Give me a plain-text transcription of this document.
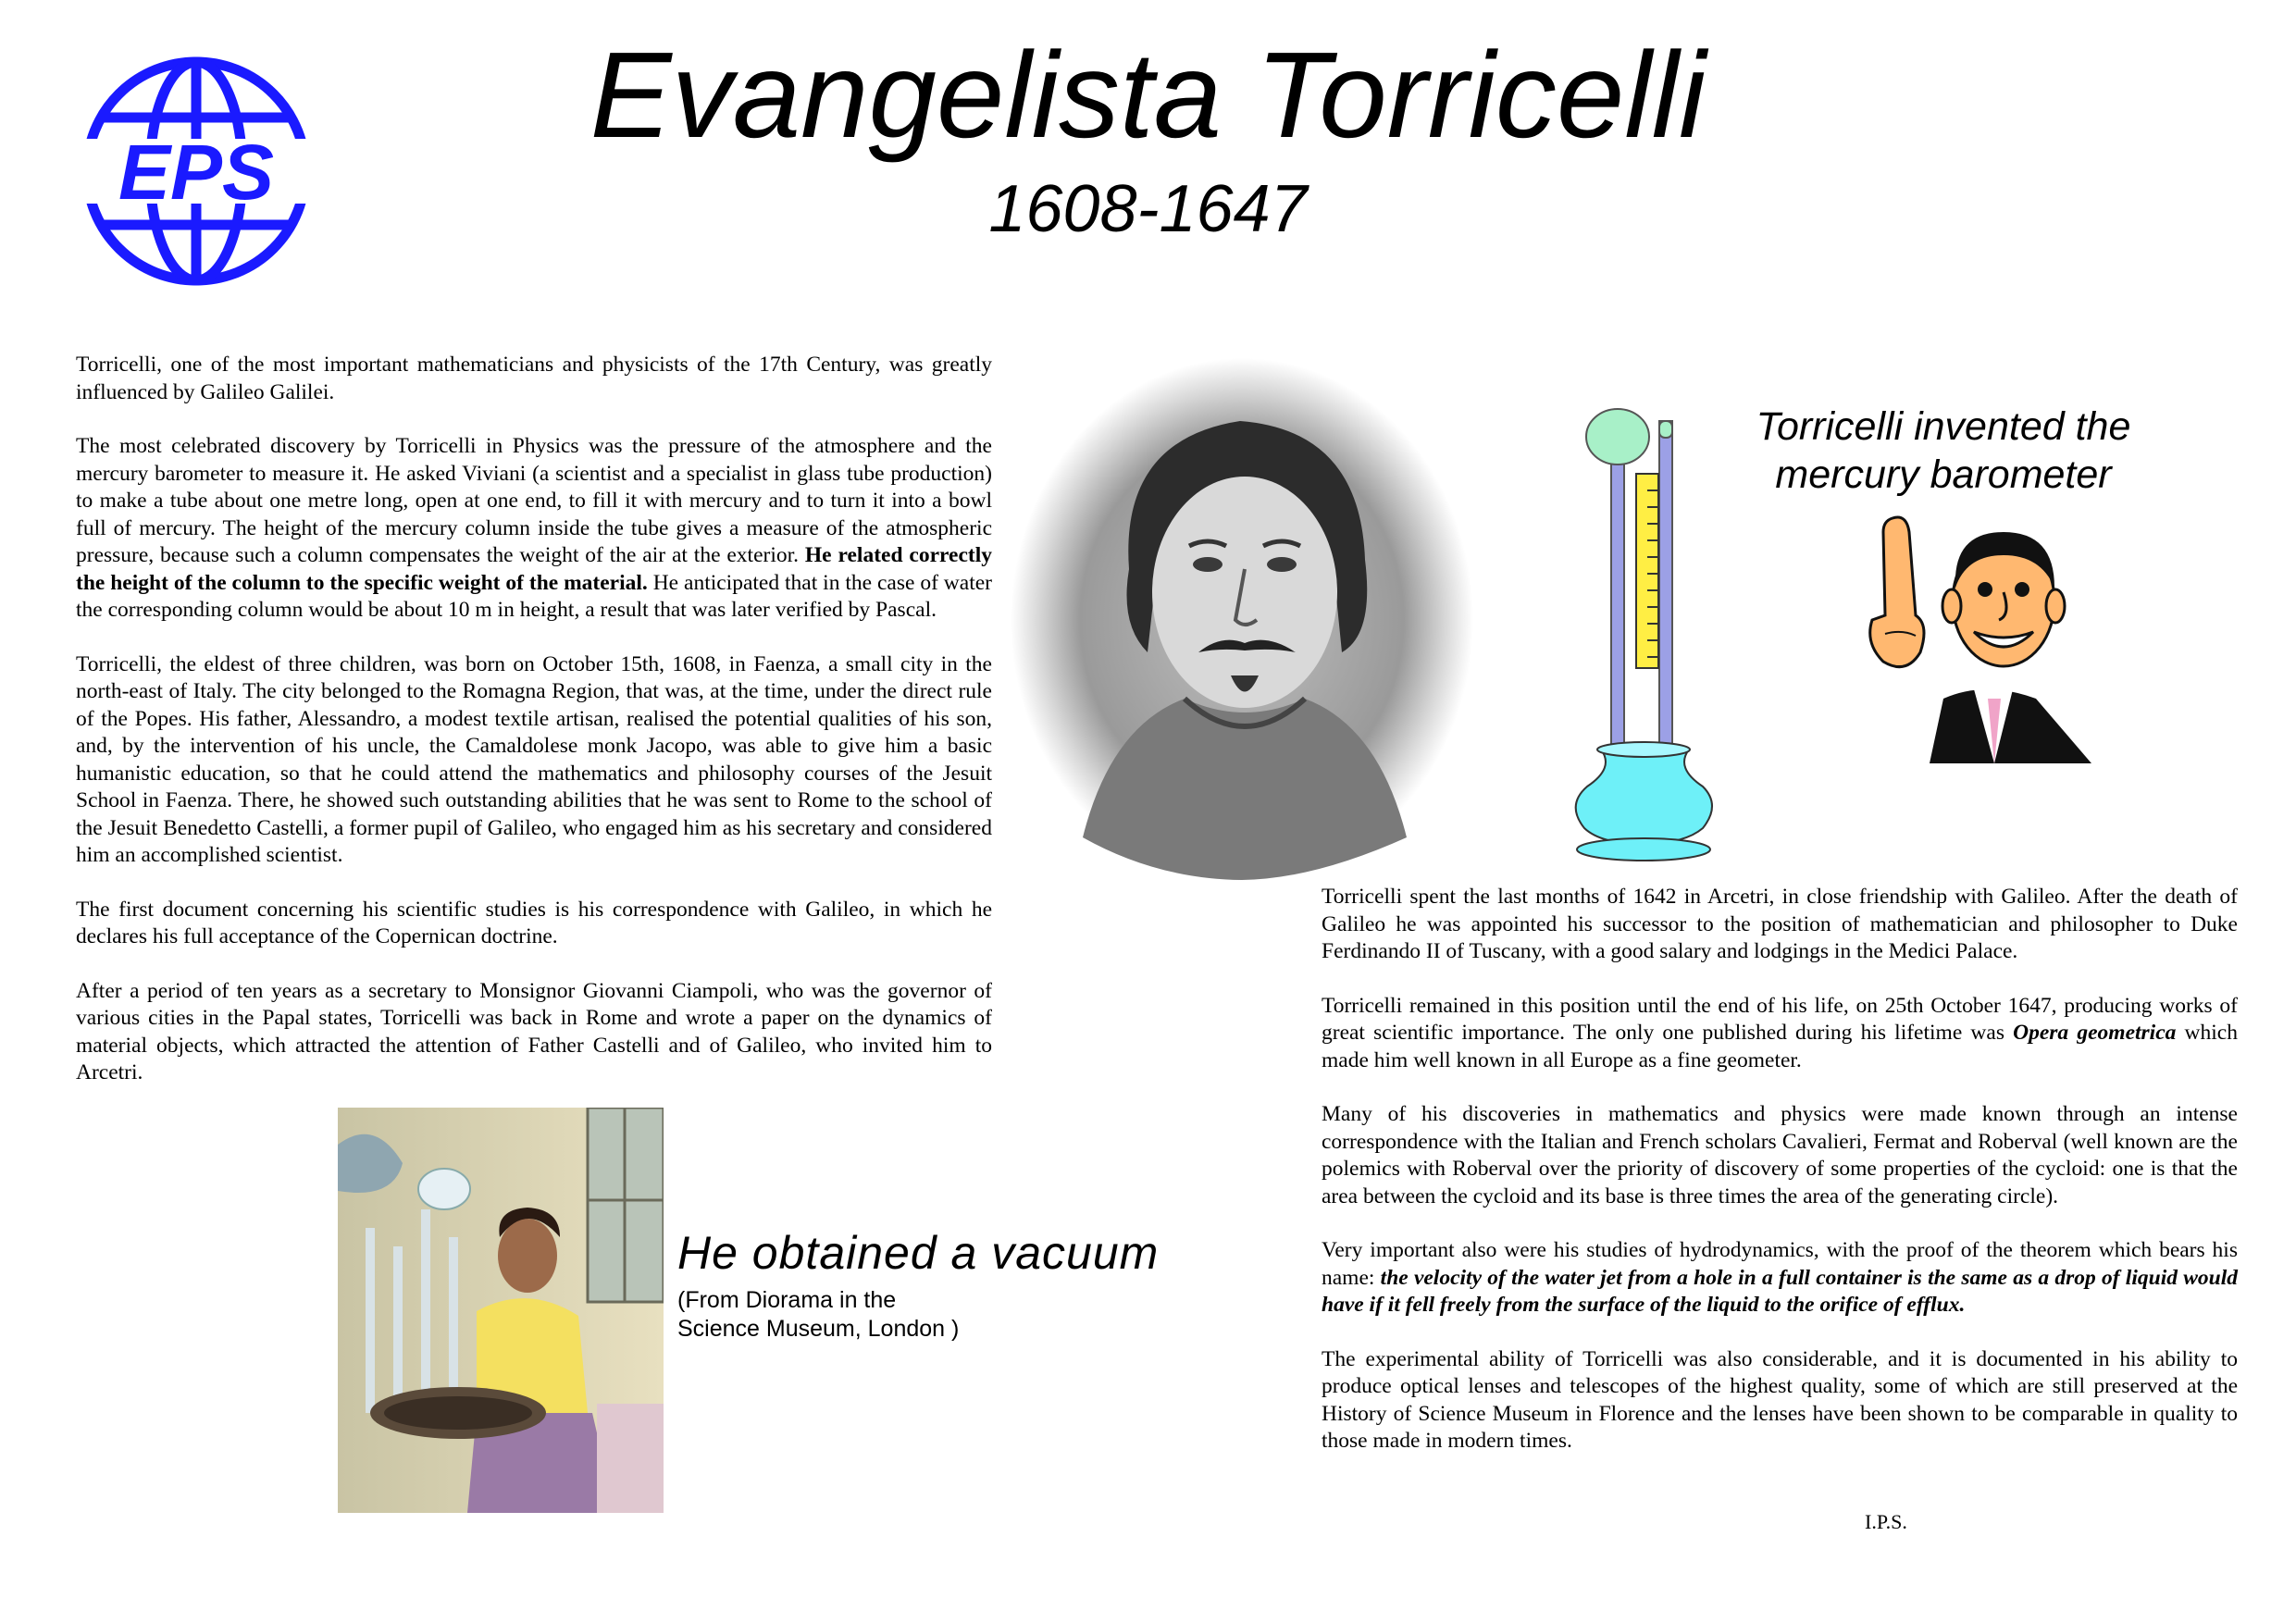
EPS
Evangelista Torricelli
1608-1647

Torricelli, one of the most important mathematicians and physicists of the 17th Century, was greatly influenced by Galileo Galilei.

The most celebrated discovery by Torricelli in Physics was the pressure of the atmosphere and the mercury barometer to measure it. He asked Viviani (a scientist and a specialist in glass tube production) to make a tube about one metre long, open at one end, to fill it with mercury and to turn it into a bowl full of mercury. The height of the mercury column inside the tube gives a measure of the atmospheric pressure, because such a column compensates the weight of the air at the exterior. He related correctly the height of the column to the specific weight of the material. He anticipated that in the case of water the corresponding column would be about 10 m in height, a result that was later verified by Pascal.

Torricelli, the eldest of three children, was born on October 15th, 1608, in Faenza, a small city in the north-east of Italy. The city belonged to the Romagna Region, that was, at the time, under the direct rule of the Popes. His father, Alessandro, a modest textile artisan, realised the potential qualities of his son, and, by the intervention of his uncle, the Camaldolese monk Jacopo, was able to give him a basic humanistic education, so that he could attend the mathematics and philosophy courses of the Jesuit School in Faenza. There, he showed such outstanding abilities that he was sent to Rome to the school of the Jesuit Benedetto Castelli, a former pupil of Galileo, who engaged him as his secretary and considered him an accomplished scientist.

The first document concerning his scientific studies is his correspondence with Galileo, in which he declares his full acceptance of the Copernican doctrine.

After a period of ten years as a secretary to Monsignor Giovanni Ciampoli, who was the governor of various cities in the Papal states, Torricelli was back in Rome and wrote a paper on the dynamics of material objects, which attracted the attention of Father Castelli and of Galileo, who invited him to Arcetri.

Torricelli invented the
mercury barometer
He obtained a vacuum
(From Diorama in the
Science Museum, London )

Torricelli spent the last months of 1642 in Arcetri, in close friendship with Galileo. After the death of Galileo he was appointed his successor to the position of mathematician and philosopher to Duke Ferdinando II of Tuscany, with a good salary and lodgings in the Medici Palace.

Torricelli remained in this position until the end of his life, on 25th October 1647, producing works of great scientific importance. The only one published during his lifetime was Opera geometrica which made him well known in all Europe as a fine geometer.

Many of his discoveries in mathematics and physics were made known through an intense correspondence with the Italian and French scholars Cavalieri, Fermat and Roberval (well known are the polemics with Roberval over the priority of discovery of some properties of the cycloid: one is that the area between the cycloid and its base is three times the area of the generating circle).

Very important also were his studies of hydrodynamics, with the proof of the theorem which bears his name: the velocity of the water jet from a hole in a full container is the same as a drop of liquid would have if it fell freely from the surface of the liquid to the orifice of efflux.

The experimental ability of Torricelli was also considerable, and it is documented in his ability to produce optical lenses and telescopes of the highest quality, some of which are still preserved at the History of Science Museum in Florence and the lenses have been shown to be comparable in quality to those made in modern times.

I.P.S.
